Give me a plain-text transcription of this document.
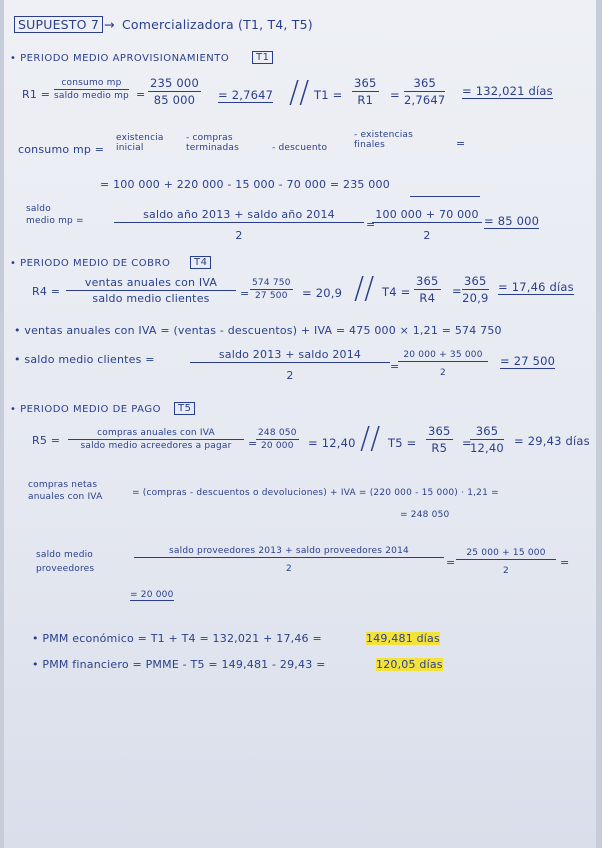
SUPUESTO 7 → Comercializadora (T1, T4, T5)
• PERIODO MEDIO APROVISIONAMIENTO	T1
R1 =
consumo mp
saldo medio mp = $\frac{235 000}{85 000} = 2,7647 // T1 = \frac{365}{R1} = \frac{365}{2,7647} = 132,021$ días
consumo mp =
existencia inicial
- compras terminadas	- descuento
- existencias finales	=
= 100 000 + 220 000 - 15 000 - 70 000 = 235 000
saldo
medio mp =	saldo año 2013 + saldo año 2014
2
=
$\frac{100 000 + 70 000}{2} = 85$ 000
• PERIODO MEDIO DE COBRO	T4
R4 =
ventas anuales con IVA
saldo medio clientes	= $\frac{574 750}{27 500} = 20,9 // T4 = \frac{365}{R4} = \frac{365}{20,9} = 17,46$ días
• ventas anuales con IVA = (ventas - descuentos) + IVA = 475 000 × 1,21 = 574 750
• saldo medio clientes =	saldo 2013 + saldo 2014
2
=
$\frac{20 000 + 35 000}{2} = 27$ 500
• PERIODO MEDIO DE PAGO	T5
R5 =
compras anuales con IVA
saldo medio acreedores a pagar	=
$\frac{248 050}{20 000} = 12,40 // T5 = \frac{365}{R5}$ =
$\frac{365}{12,40} = 29,43$ días
compras netas
anuales con IVA	= (compras - descuentos o devoluciones) + IVA = (220 000 - 15 000) · 1,21 =
= 248 050
saldo medio
proveedores
saldo proveedores 2013 + saldo proveedores 2014
2	= $\frac{25 000 + 15 000}{2}$ =
= 20 000
• PMM económico = T1 + T4 = 132,021 + 17,46 =	149,481 días
• PMM financiero = PMME - T5 = 149,481 - 29,43 =	120,05 días
